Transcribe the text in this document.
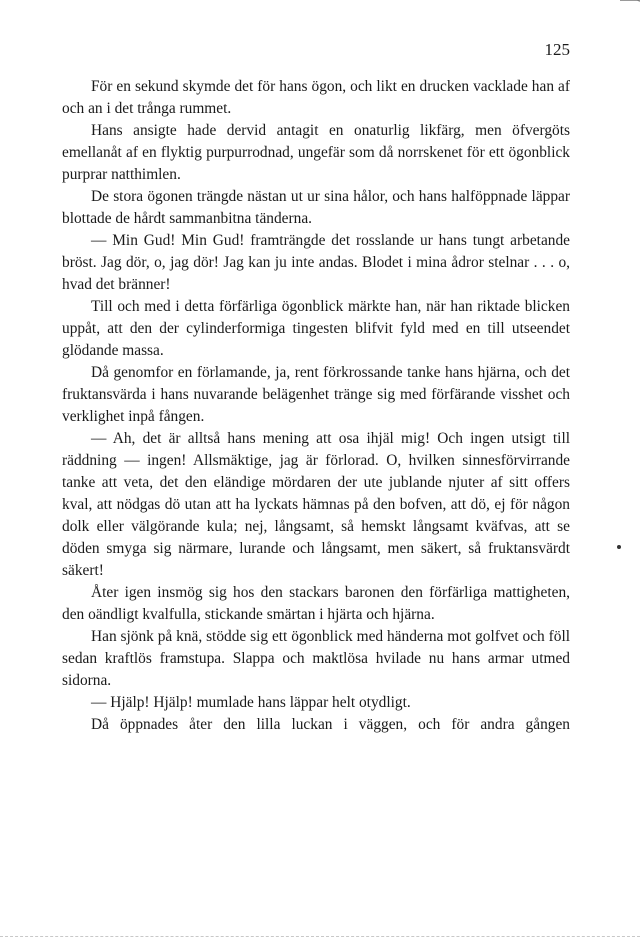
125

För en sekund skymde det för hans ögon, och likt en drucken vacklade han af och an i det trånga rummet.

Hans ansigte hade dervid antagit en onaturlig likfärg, men öfvergöts emellanåt af en flyktig purpurrodnad, ungefär som då norrskenet för ett ögonblick purprar natthimlen.

De stora ögonen trängde nästan ut ur sina hålor, och hans halföppnade läppar blottade de hårdt sammanbitna tänderna.

— Min Gud! Min Gud! framträngde det rosslande ur hans tungt arbetande bröst. Jag dör, o, jag dör! Jag kan ju inte andas. Blodet i mina ådror stelnar . . . o, hvad det bränner!

Till och med i detta förfärliga ögonblick märkte han, när han riktade blicken uppåt, att den der cylinderformiga tingesten blifvit fyld med en till utseendet glödande massa.

Då genomfor en förlamande, ja, rent förkrossande tanke hans hjärna, och det fruktansvärda i hans nuvarande belägenhet tränge sig med förfärande visshet och verklighet inpå fången.

— Ah, det är alltså hans mening att osa ihjäl mig! Och ingen utsigt till räddning — ingen! Allsmäktige, jag är förlorad. O, hvilken sinnesförvirrande tanke att veta, det den eländige mördaren der ute jublande njuter af sitt offers kval, att nödgas dö utan att ha lyckats hämnas på den bofven, att dö, ej för någon dolk eller välgörande kula; nej, långsamt, så hemskt långsamt kväfvas, att se döden smyga sig närmare, lurande och långsamt, men säkert, så fruktansvärdt säkert!

Åter igen insmög sig hos den stackars baronen den förfärliga mattigheten, den oändligt kvalfulla, stickande smärtan i hjärta och hjärna.

Han sjönk på knä, stödde sig ett ögonblick med händerna mot golfvet och föll sedan kraftlös framstupa. Slappa och maktlösa hvilade nu hans armar utmed sidorna.

— Hjälp! Hjälp! mumlade hans läppar helt otydligt.

Då öppnades åter den lilla luckan i väggen, och för andra gången
